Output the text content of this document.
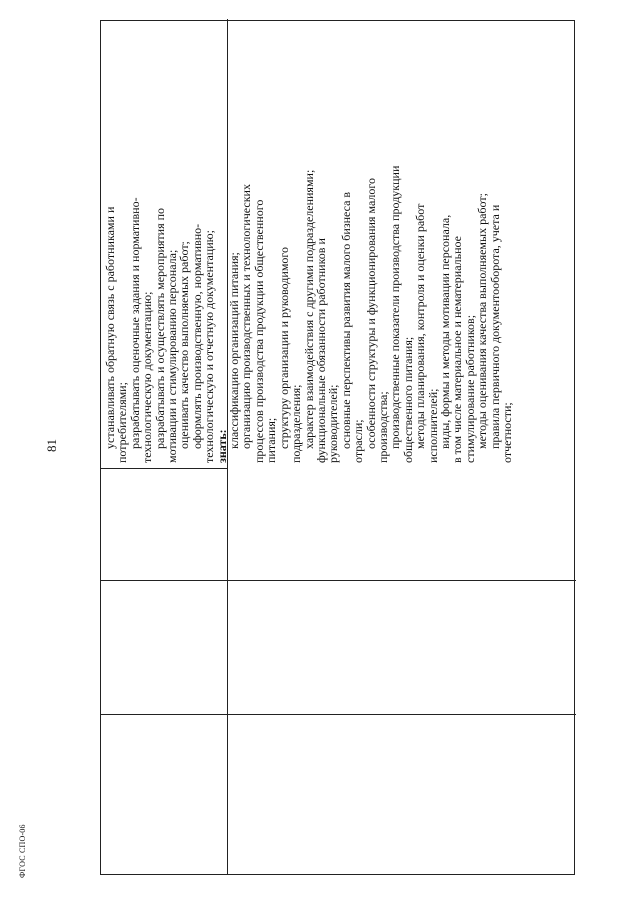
81
ФГОС СПО-06
устанавливать обратную связь с работниками и
потребителями;
разрабатывать оценочные задания и нормативно-
технологическую документацию;
разрабатывать и осуществлять мероприятия по
мотивации и стимулированию персонала;
оценивать качество выполняемых работ;
оформлять производственную, нормативно-
технологическую и отчетную документацию;
знать:
классификацию организаций питания;
организацию производственных и технологических
процессов производства продукции общественного
питания;
структуру организации и руководимого
подразделения;
характер взаимодействия с другими подразделениями;
функциональные обязанности работников и
руководителей;
основные перспективы развития малого бизнеса в
отрасли;
особенности структуры и функционирования малого
производства;
производственные показатели производства продукции
общественного питания;
методы планирования, контроля и оценки работ
исполнителей;
виды, формы и методы мотивации персонала,
в том числе материальное и нематериальное
стимулирование работников;
методы оценивания качества выполняемых работ;
правила первичного документооборота, учета и
отчетности;
